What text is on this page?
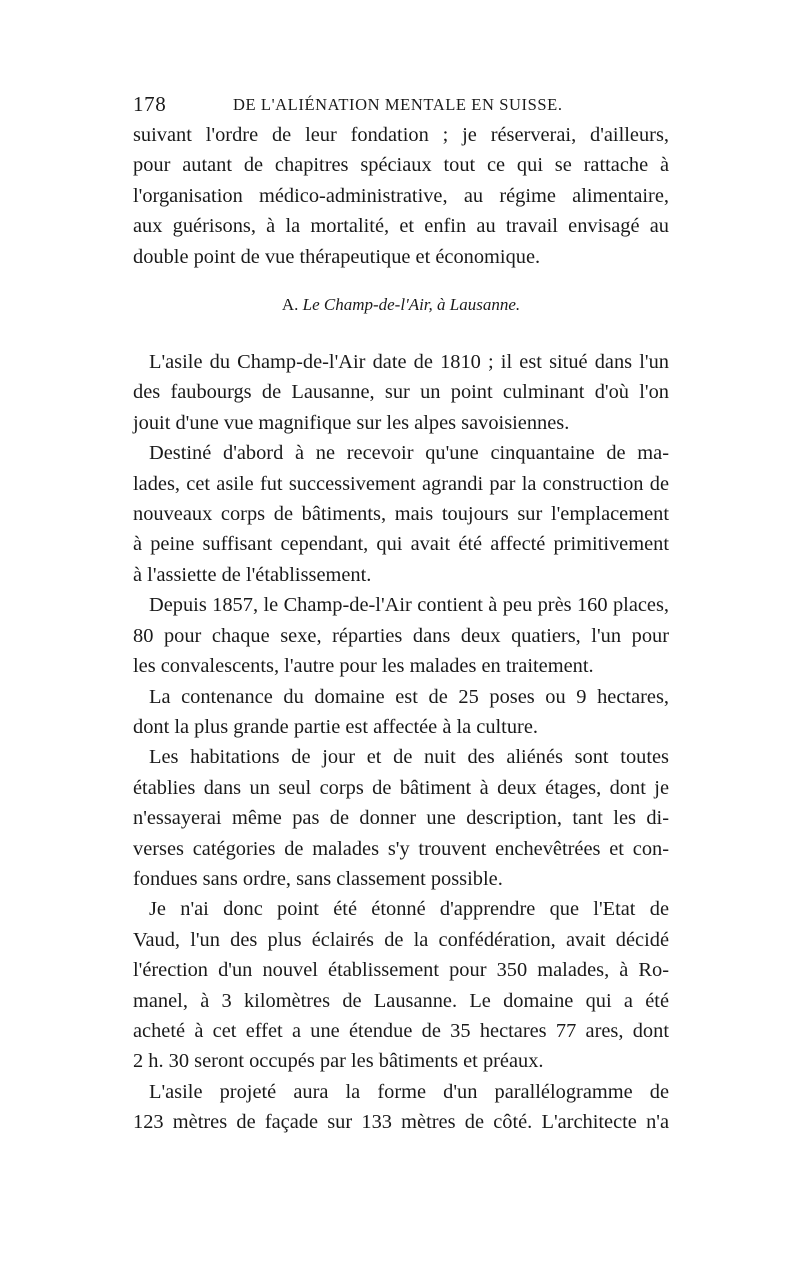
178	DE L'ALIÉNATION MENTALE EN SUISSE.

suivant l'ordre de leur fondation ; je réserverai, d'ailleurs,

pour autant de chapitres spéciaux tout ce qui se rattache à

l'organisation médico-administrative, au régime alimentaire,

aux guérisons, à la mortalité, et enfin au travail envisagé au

double point de vue thérapeutique et économique.

A. Le Champ-de-l'Air, à Lausanne.

L'asile du Champ-de-l'Air date de 1810 ; il est situé dans l'un

des faubourgs de Lausanne, sur un point culminant d'où l'on

jouit d'une vue magnifique sur les alpes savoisiennes.

Destiné d'abord à ne recevoir qu'une cinquantaine de ma-

lades, cet asile fut successivement agrandi par la construction de

nouveaux corps de bâtiments, mais toujours sur l'emplacement

à peine suffisant cependant, qui avait été affecté primitivement

à l'assiette de l'établissement.

Depuis 1857, le Champ-de-l'Air contient à peu près 160 places,

80 pour chaque sexe, réparties dans deux quatiers, l'un pour

les convalescents, l'autre pour les malades en traitement.

La contenance du domaine est de 25 poses ou 9 hectares,

dont la plus grande partie est affectée à la culture.

Les habitations de jour et de nuit des aliénés sont toutes

établies dans un seul corps de bâtiment à deux étages, dont je

n'essayerai même pas de donner une description, tant les di-

verses catégories de malades s'y trouvent enchevêtrées et con-

fondues sans ordre, sans classement possible.

Je n'ai donc point été étonné d'apprendre que l'Etat de

Vaud, l'un des plus éclairés de la confédération, avait décidé

l'érection d'un nouvel établissement pour 350 malades, à Ro-

manel, à 3 kilomètres de Lausanne. Le domaine qui a été

acheté à cet effet a une étendue de 35 hectares 77 ares, dont

2 h. 30 seront occupés par les bâtiments et préaux.

L'asile projeté aura la forme d'un parallélogramme de

123 mètres de façade sur 133 mètres de côté. L'architecte n'a
